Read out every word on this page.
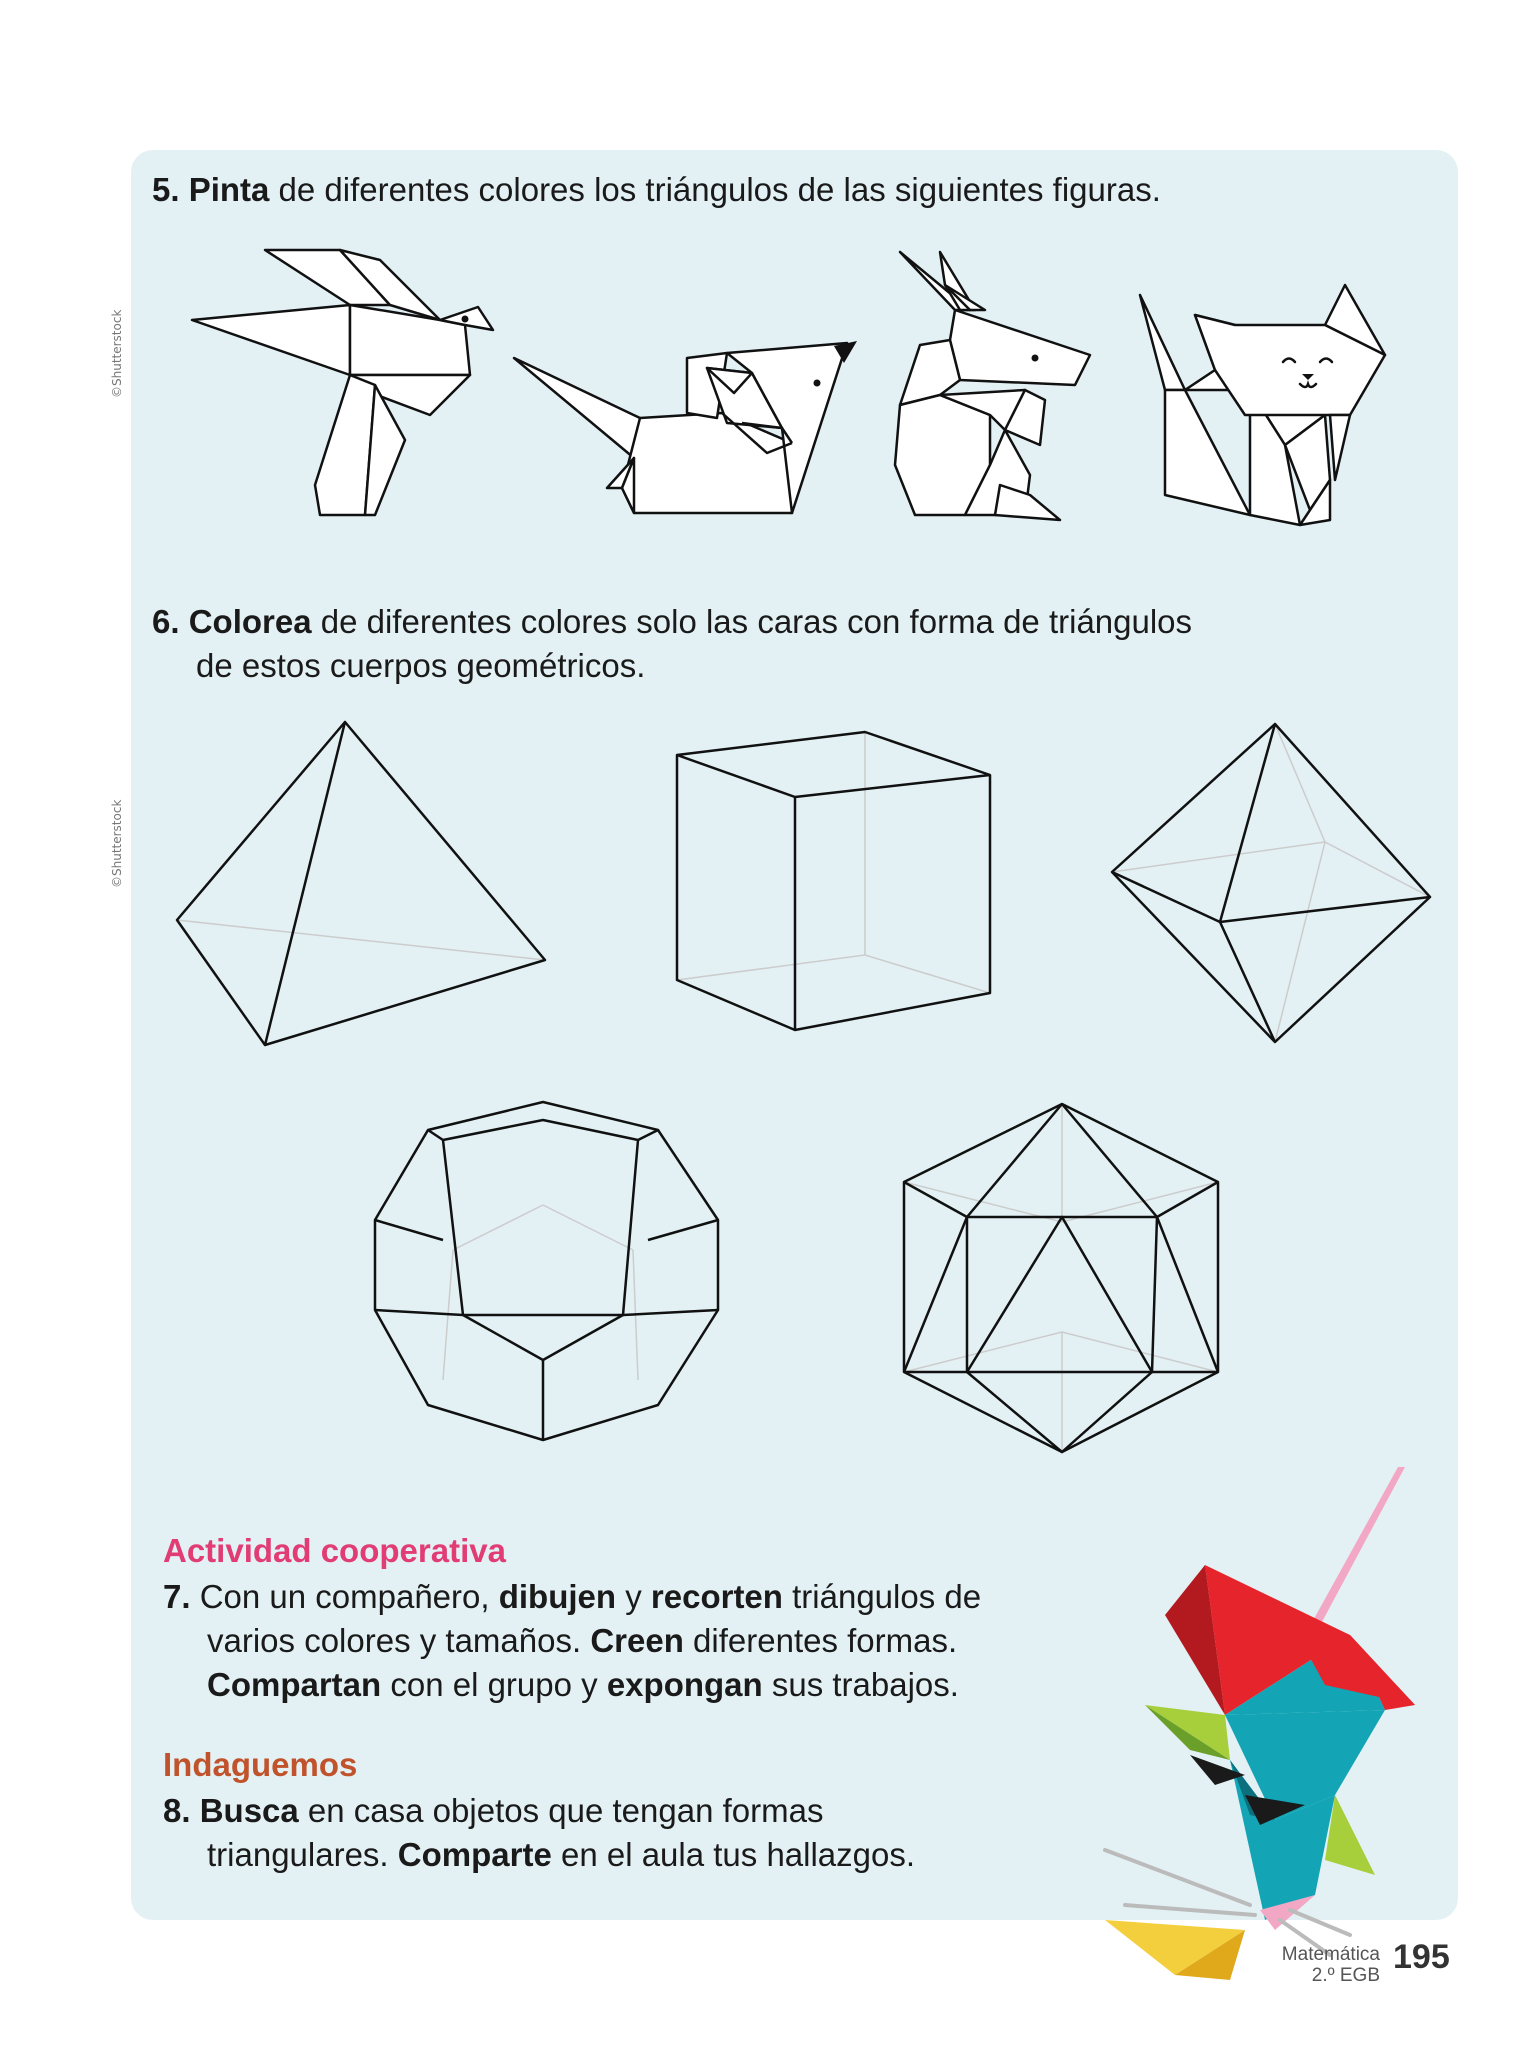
©Shutterstock
©Shutterstock
5. Pinta de diferentes colores los triángulos de las siguientes figuras.
6. Colorea de diferentes colores solo las caras con forma de triángulos
de estos cuerpos geométricos.
Actividad cooperativa
7. Con un compañero, dibujen y recorten triángulos de
varios colores y tamaños. Creen diferentes formas.
Compartan con el grupo y expongan sus trabajos.
Indaguemos
8. Busca en casa objetos que tengan formas
triangulares. Comparte en el aula tus hallazgos.
Matemática
2.º EGB 195
